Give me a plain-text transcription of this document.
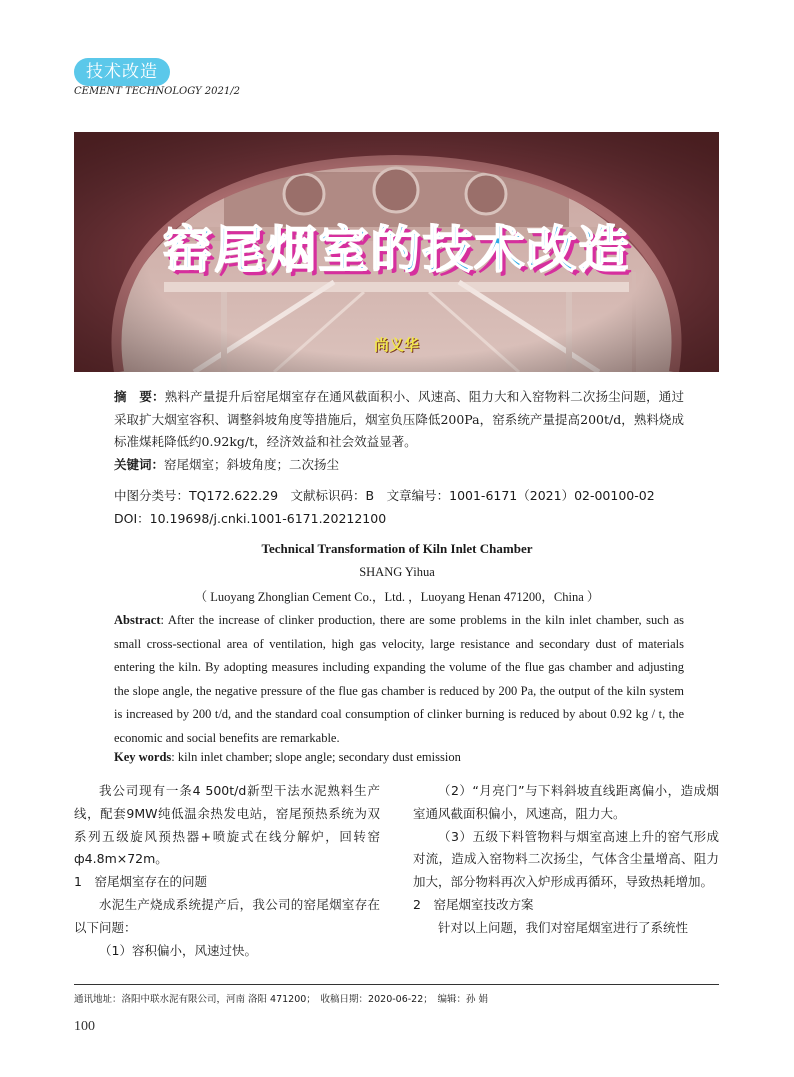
技术改造
CEMENT TECHNOLOGY 2021/2
窑尾烟室的技术改造
尚义华
摘　要：熟料产量提升后窑尾烟室存在通风截面积小、风速高、阻力大和入窑物料二次扬尘问题，通过采取扩大烟室容积、调整斜坡角度等措施后，烟室负压降低200Pa，窑系统产量提高200t/d，熟料烧成标准煤耗降低约0.92kg/t，经济效益和社会效益显著。
关键词：窑尾烟室；斜坡角度；二次扬尘
中图分类号：TQ172.622.29　文献标识码：B　文章编号：1001-6171（2021）02-00100-02
DOI：10.19698/j.cnki.1001-6171.20212100
Technical Transformation of Kiln Inlet Chamber
SHANG Yihua
（ Luoyang Zhonglian Cement Co.，Ltd. ，Luoyang Henan 471200，China ）
Abstract: After the increase of clinker production, there are some problems in the kiln inlet chamber, such as small cross-sectional area of ventilation, high gas velocity, large resistance and secondary dust of materials entering the kiln. By adopting measures including expanding the volume of the flue gas chamber and adjusting the slope angle, the negative pressure of the flue gas chamber is reduced by 200 Pa, the output of the kiln system is increased by 200 t/d, and the standard coal consumption of clinker burning is reduced by about 0.92 kg / t, the economic and social benefits are remarkable.
Key words: kiln inlet chamber; slope angle; secondary dust emission

我公司现有一条4 500t/d新型干法水泥熟料生产线，配套9MW纯低温余热发电站，窑尾预热系统为双系列五级旋风预热器+喷旋式在线分解炉，回转窑 ф4.8m×72m。

1　窑尾烟室存在的问题

水泥生产烧成系统提产后，我公司的窑尾烟室存在以下问题：

（1）容积偏小，风速过快。

（2）“月亮门”与下料斜坡直线距离偏小，造成烟室通风截面积偏小，风速高，阻力大。

（3）五级下料管物料与烟室高速上升的窑气形成对流，造成入窑物料二次扬尘，气体含尘量增高、阻力加大，部分物料再次入炉形成再循环，导致热耗增加。

2　窑尾烟室技改方案

针对以上问题，我们对窑尾烟室进行了系统性

通讯地址：洛阳中联水泥有限公司，河南 洛阳 471200；　收稿日期：2020-06-22；　编辑：孙 娟
100
